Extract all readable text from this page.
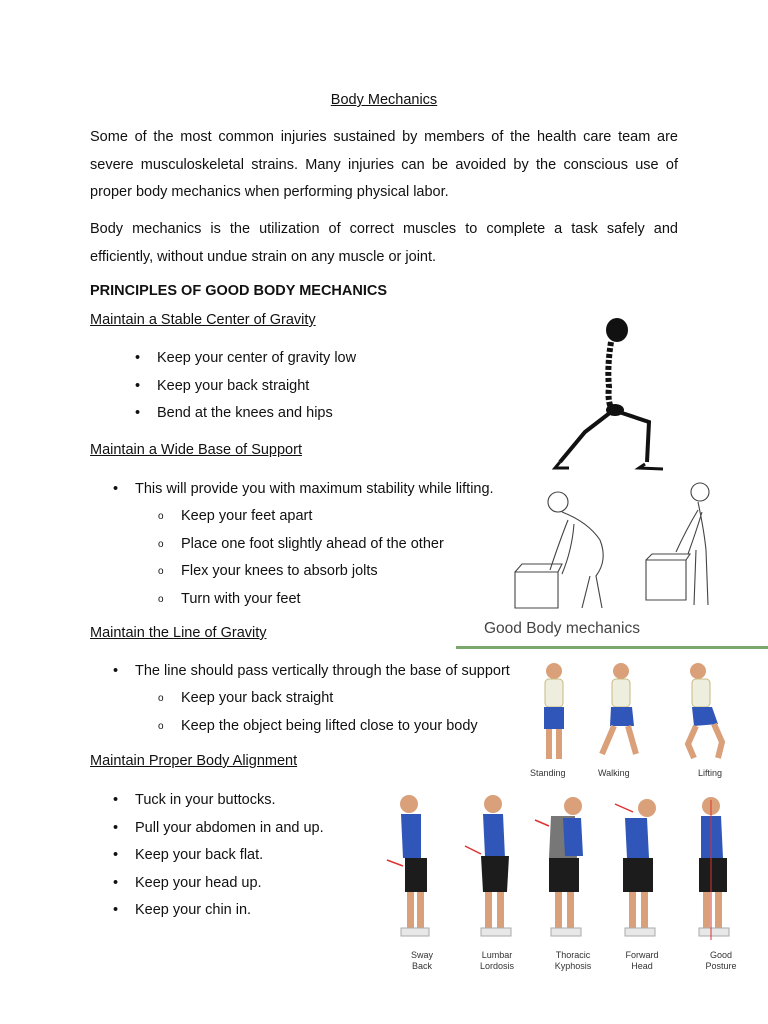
Body Mechanics
Some of the most common injuries sustained by members of the health care team are severe musculoskeletal strains. Many injuries can be avoided by the conscious use of proper body mechanics when performing physical labor.
Body mechanics is the utilization of correct muscles to complete a task safely and efficiently, without undue strain on any muscle or joint.
PRINCIPLES OF GOOD BODY MECHANICS
Maintain a Stable Center of Gravity
•	Keep your center of gravity low
•	Keep your back straight
•	Bend at the knees and hips
Maintain a Wide Base of Support
•	This will provide you with maximum stability while lifting.
o	Keep your feet apart
o	Place one foot slightly ahead of the other
o	Flex your knees to absorb jolts
o	Turn with your feet
Maintain the Line of Gravity
•	The line should pass vertically through the base of support
o	Keep your back straight
o	Keep the object being lifted close to your body
Maintain Proper Body Alignment
•	Tuck in your buttocks.
•	Pull your abdomen in and up.
•	Keep your back flat.
•	Keep your head up.
•	Keep your chin in.
Good Body mechanics
Standing	Walking	Lifting
Sway
Back
Lumbar
Lordosis
Thoracic
Kyphosis
Forward
Head
Good
Posture
